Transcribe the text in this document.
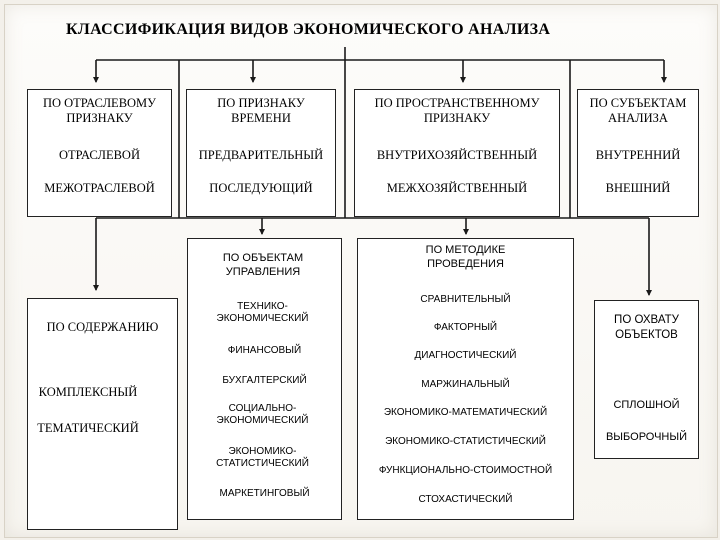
КЛАССИФИКАЦИЯ ВИДОВ ЭКОНОМИЧЕСКОГО АНАЛИЗА
ПО ОТРАСЛЕВОМУ ПРИЗНАКУ
ОТРАСЛЕВОЙ
МЕЖОТРАСЛЕВОЙ
ПО ПРИЗНАКУ ВРЕМЕНИ
ПРЕДВАРИТЕЛЬНЫЙ
ПОСЛЕДУЮЩИЙ
ПО ПРОСТРАНСТВЕННОМУ ПРИЗНАКУ
ВНУТРИХОЗЯЙСТВЕННЫЙ
МЕЖХОЗЯЙСТВЕННЫЙ
ПО СУБЪЕКТАМ АНАЛИЗА
ВНУТРЕННИЙ
ВНЕШНИЙ
ПО СОДЕРЖАНИЮ
КОМПЛЕКСНЫЙ
ТЕМАТИЧЕСКИЙ
ПО ОБЪЕКТАМ УПРАВЛЕНИЯ
ТЕХНИКО-ЭКОНОМИЧЕСКИЙ
ФИНАНСОВЫЙ
БУХГАЛТЕРСКИЙ
СОЦИАЛЬНО-ЭКОНОМИЧЕСКИЙ
ЭКОНОМИКО-СТАТИСТИЧЕСКИЙ
МАРКЕТИНГОВЫЙ
ПО МЕТОДИКЕ ПРОВЕДЕНИЯ
СРАВНИТЕЛЬНЫЙ
ФАКТОРНЫЙ
ДИАГНОСТИЧЕСКИЙ
МАРЖИНАЛЬНЫЙ
ЭКОНОМИКО-МАТЕМАТИЧЕСКИЙ
ЭКОНОМИКО-СТАТИСТИЧЕСКИЙ
ФУНКЦИОНАЛЬНО-СТОИМОСТНОЙ
СТОХАСТИЧЕСКИЙ
ПО ОХВАТУ ОБЪЕКТОВ
СПЛОШНОЙ
ВЫБОРОЧНЫЙ
